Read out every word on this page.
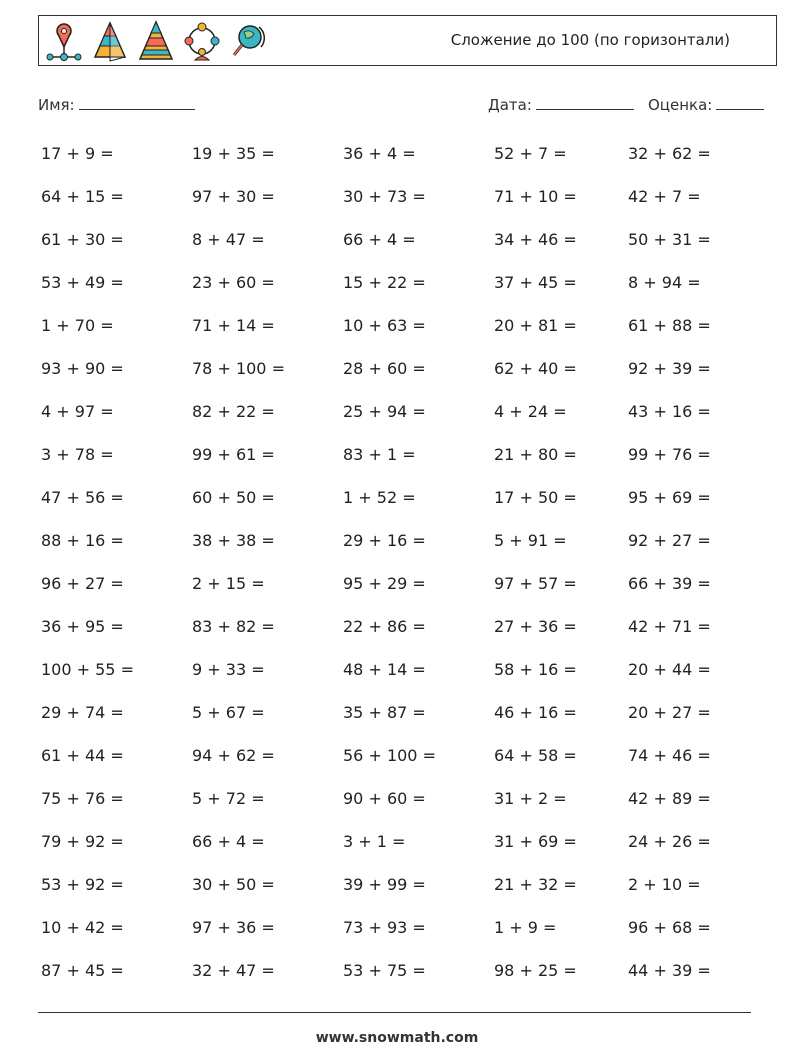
Сложение до 100 (по горизонтали)
Имя:	Дата:	Оценка:
17 + 9 =	19 + 35 =	36 + 4 =	52 + 7 =	32 + 62 =
64 + 15 =	97 + 30 =	30 + 73 =	71 + 10 =	42 + 7 =
61 + 30 =	8 + 47 =	66 + 4 =	34 + 46 =	50 + 31 =
53 + 49 =	23 + 60 =	15 + 22 =	37 + 45 =	8 + 94 =
1 + 70 =	71 + 14 =	10 + 63 =	20 + 81 =	61 + 88 =
93 + 90 =	78 + 100 =	28 + 60 =	62 + 40 =	92 + 39 =
4 + 97 =	82 + 22 =	25 + 94 =	4 + 24 =	43 + 16 =
3 + 78 =	99 + 61 =	83 + 1 =	21 + 80 =	99 + 76 =
47 + 56 =	60 + 50 =	1 + 52 =	17 + 50 =	95 + 69 =
88 + 16 =	38 + 38 =	29 + 16 =	5 + 91 =	92 + 27 =
96 + 27 =	2 + 15 =	95 + 29 =	97 + 57 =	66 + 39 =
36 + 95 =	83 + 82 =	22 + 86 =	27 + 36 =	42 + 71 =
100 + 55 =	9 + 33 =	48 + 14 =	58 + 16 =	20 + 44 =
29 + 74 =	5 + 67 =	35 + 87 =	46 + 16 =	20 + 27 =
61 + 44 =	94 + 62 =	56 + 100 =	64 + 58 =	74 + 46 =
75 + 76 =	5 + 72 =	90 + 60 =	31 + 2 =	42 + 89 =
79 + 92 =	66 + 4 =	3 + 1 =	31 + 69 =	24 + 26 =
53 + 92 =	30 + 50 =	39 + 99 =	21 + 32 =	2 + 10 =
10 + 42 =	97 + 36 =	73 + 93 =	1 + 9 =	96 + 68 =
87 + 45 =	32 + 47 =	53 + 75 =	98 + 25 =	44 + 39 =
www.snowmath.com
